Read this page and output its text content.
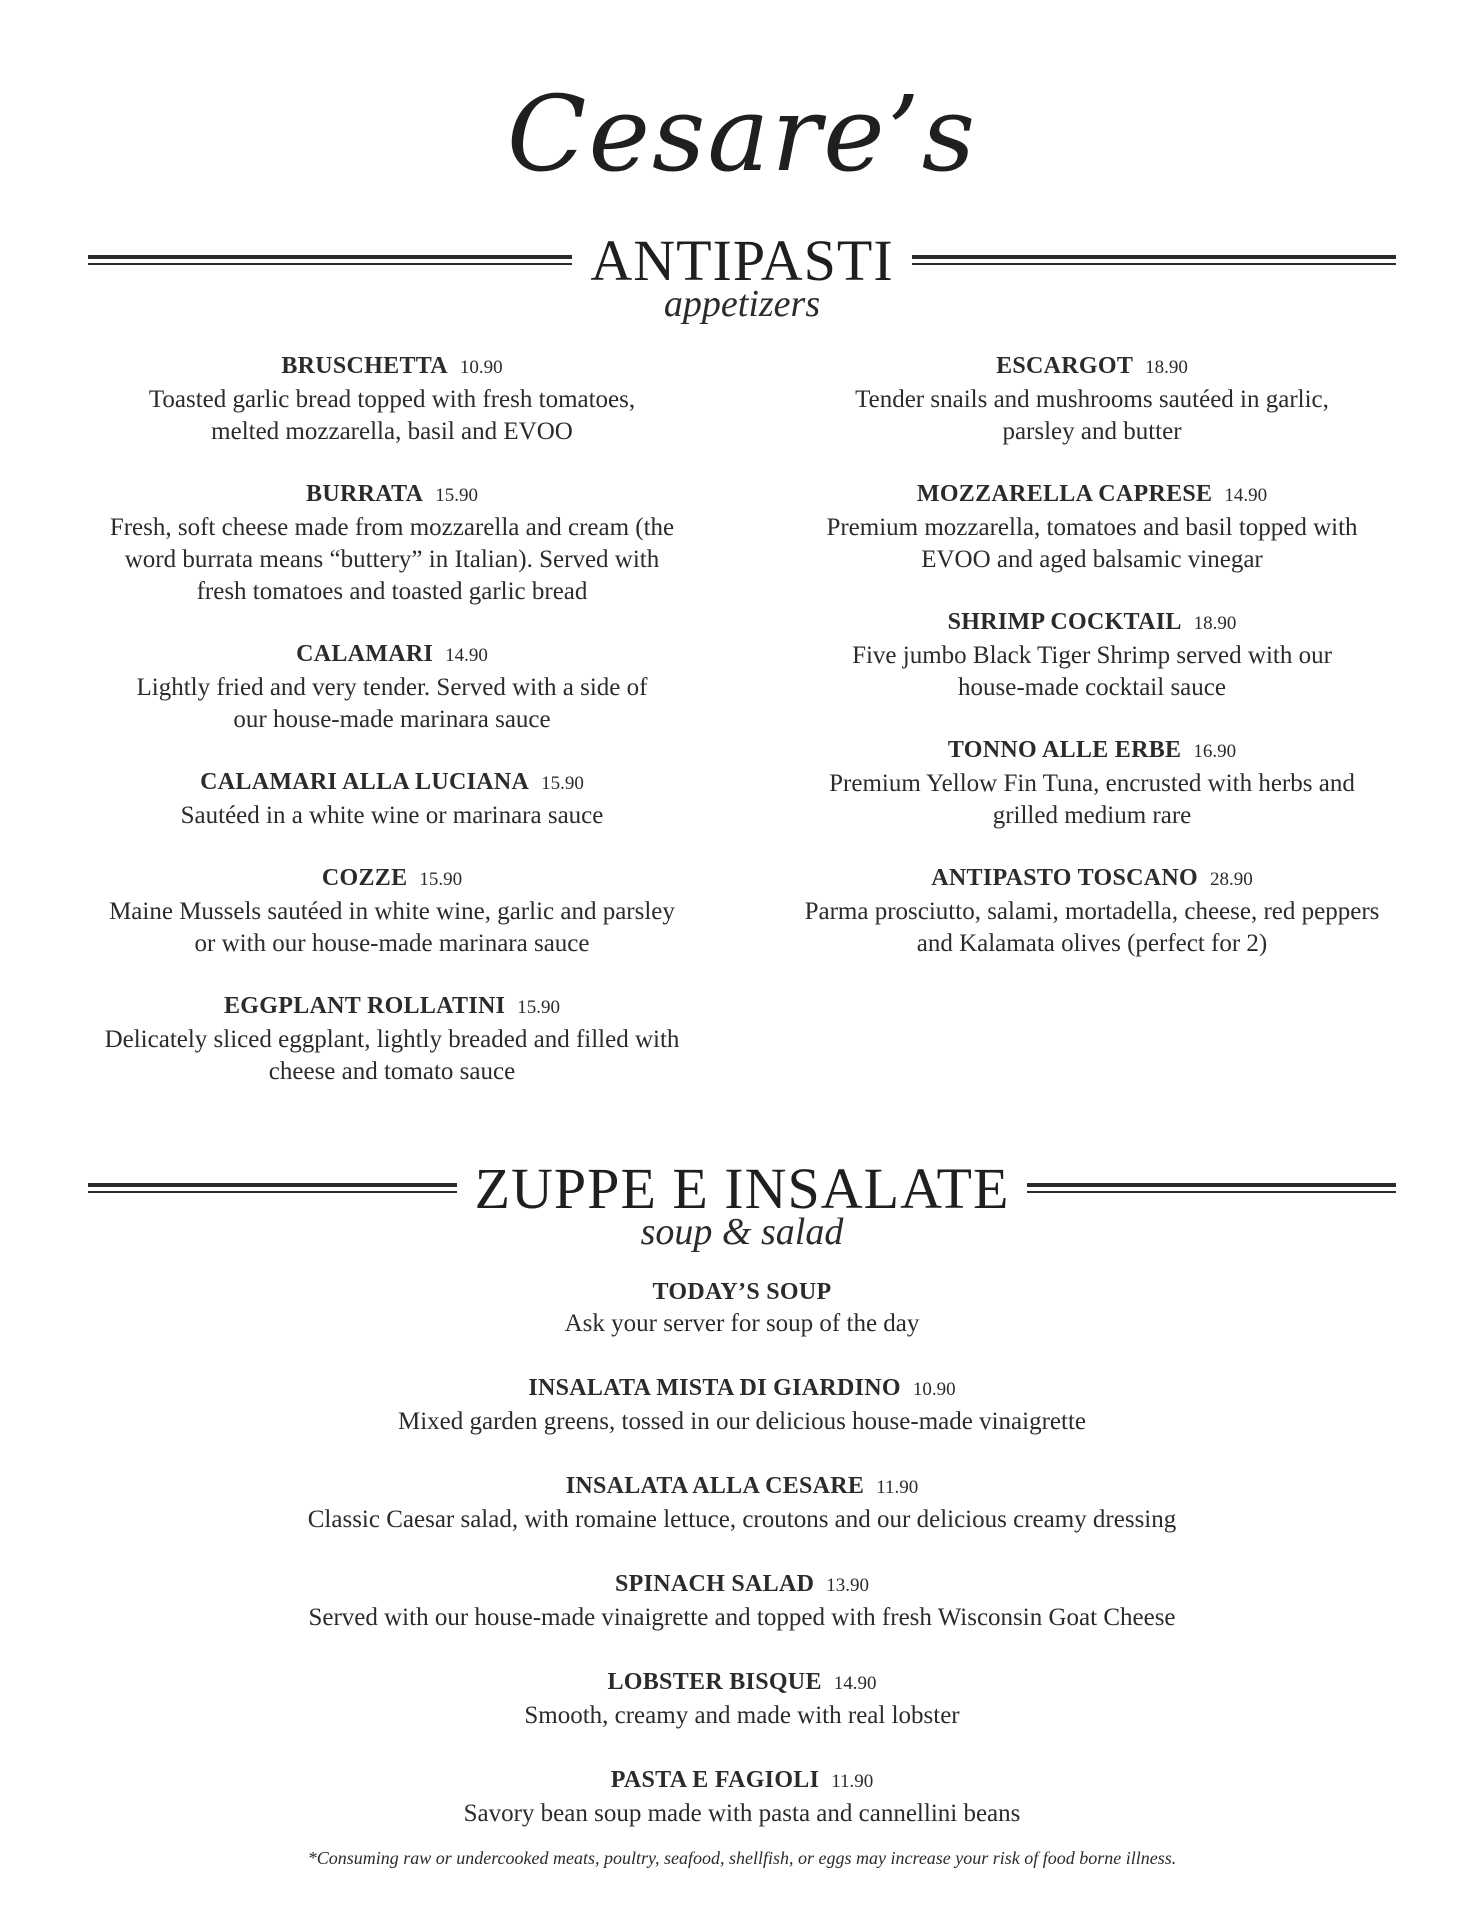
Cesare’s
ANTIPASTI
appetizers
BRUSCHETTA 10.90
Toasted garlic bread topped with fresh tomatoes,
melted mozzarella, basil and EVOO
BURRATA 15.90
Fresh, soft cheese made from mozzarella and cream (the
word burrata means “buttery” in Italian). Served with
fresh tomatoes and toasted garlic bread
CALAMARI 14.90
Lightly fried and very tender. Served with a side of
our house-made marinara sauce
CALAMARI ALLA LUCIANA 15.90
Sautéed in a white wine or marinara sauce
COZZE 15.90
Maine Mussels sautéed in white wine, garlic and parsley
or with our house-made marinara sauce
EGGPLANT ROLLATINI 15.90
Delicately sliced eggplant, lightly breaded and filled with
cheese and tomato sauce
ESCARGOT 18.90
Tender snails and mushrooms sautéed in garlic,
parsley and butter
MOZZARELLA CAPRESE 14.90
Premium mozzarella, tomatoes and basil topped with
EVOO and aged balsamic vinegar
SHRIMP COCKTAIL 18.90
Five jumbo Black Tiger Shrimp served with our
house-made cocktail sauce
TONNO ALLE ERBE 16.90
Premium Yellow Fin Tuna, encrusted with herbs and
grilled medium rare
ANTIPASTO TOSCANO 28.90
Parma prosciutto, salami, mortadella, cheese, red peppers
and Kalamata olives (perfect for 2)
ZUPPE E INSALATE
soup & salad
TODAY’S SOUP
Ask your server for soup of the day
INSALATA MISTA DI GIARDINO 10.90
Mixed garden greens, tossed in our delicious house-made vinaigrette
INSALATA ALLA CESARE 11.90
Classic Caesar salad, with romaine lettuce, croutons and our delicious creamy dressing
SPINACH SALAD 13.90
Served with our house-made vinaigrette and topped with fresh Wisconsin Goat Cheese
LOBSTER BISQUE 14.90
Smooth, creamy and made with real lobster
PASTA E FAGIOLI 11.90
Savory bean soup made with pasta and cannellini beans
*Consuming raw or undercooked meats, poultry, seafood, shellfish, or eggs may increase your risk of food borne illness.
